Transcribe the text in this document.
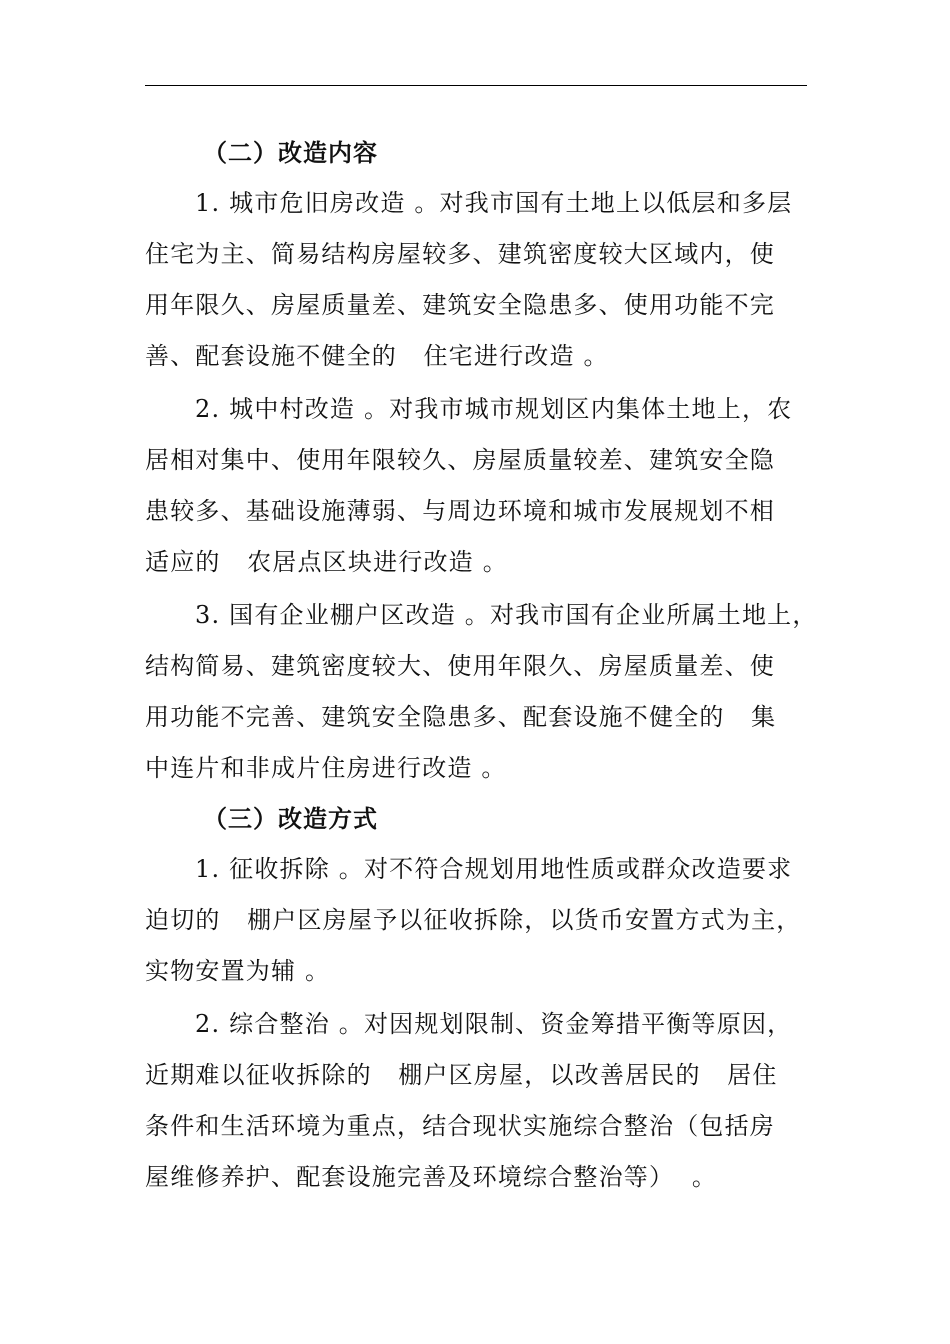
（二）改造内容
1. 城市危旧房改造 。对我市国有土地上以低层和多层
住宅为主、简易结构房屋较多、建筑密度较大区域内，使
用年限久、房屋质量差、建筑安全隐患多、使用功能不完
善、配套设施不健全的   住宅进行改造 。
2. 城中村改造 。对我市城市规划区内集体土地上，农
居相对集中、使用年限较久、房屋质量较差、建筑安全隐
患较多、基础设施薄弱、与周边环境和城市发展规划不相
适应的   农居点区块进行改造 。
3. 国有企业棚户区改造 。对我市国有企业所属土地上，
结构简易、建筑密度较大、使用年限久、房屋质量差、使
用功能不完善、建筑安全隐患多、配套设施不健全的   集
中连片和非成片住房进行改造 。
（三）改造方式
1. 征收拆除 。对不符合规划用地性质或群众改造要求
迫切的   棚户区房屋予以征收拆除，以货币安置方式为主，
实物安置为辅 。
2. 综合整治 。对因规划限制、资金筹措平衡等原因，
近期难以征收拆除的   棚户区房屋，以改善居民的   居住
条件和生活环境为重点，结合现状实施综合整治（包括房
屋维修养护、配套设施完善及环境综合整治等）  。
